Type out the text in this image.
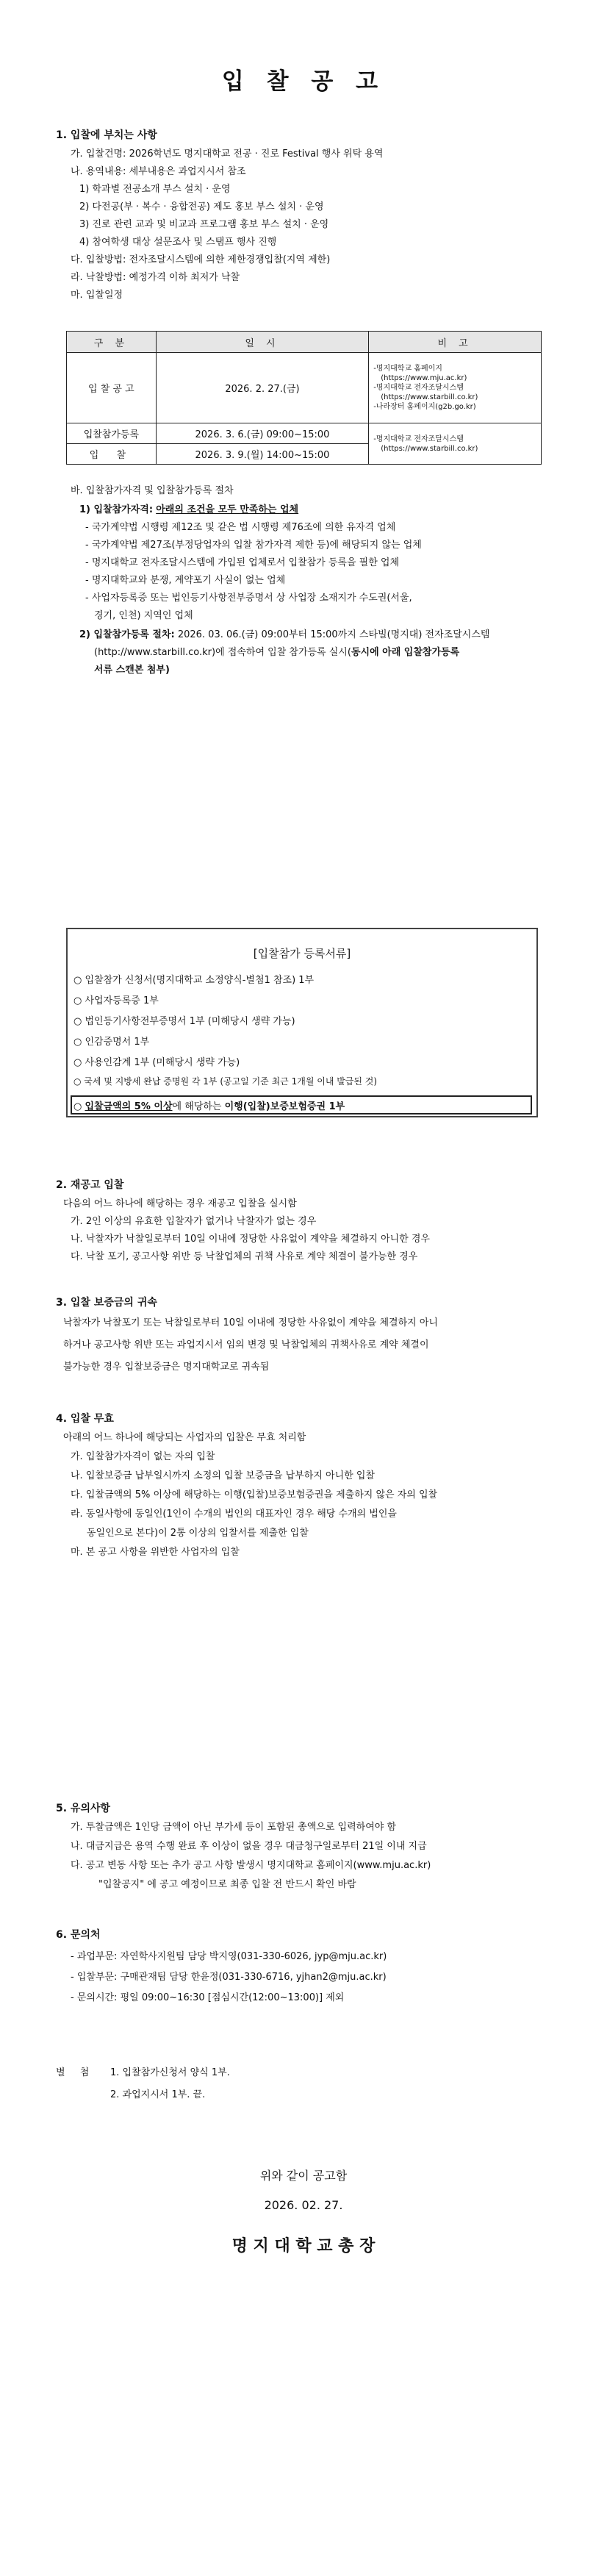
입 찰 공 고
1. 입찰에 부치는 사항
가. 입찰건명: 2026학년도 명지대학교 전공 · 진로 Festival 행사 위탁 용역
나. 용역내용: 세부내용은 과업지시서 참조
1) 학과별 전공소개 부스 설치 · 운영
2) 다전공(부 · 복수 · 융합전공) 제도 홍보 부스 설치 · 운영
3) 진로 관련 교과 및 비교과 프로그램 홍보 부스 설치 · 운영
4) 참여학생 대상 설문조사 및 스탬프 행사 진행
다. 입찰방법: 전자조달시스템에 의한 제한경쟁입찰(지역 제한)
라. 낙찰방법: 예정가격 이하 최저가 낙찰
마. 입찰일정
구 분	일 시	비 고
입 찰 공 고	2026. 2. 27.(금)	-명지대학교 홈페이지
(https://www.mju.ac.kr)
-명지대학교 전자조달시스템
(https://www.starbill.co.kr)
-나라장터 홈페이지(g2b.go.kr)

입찰참가등록	2026. 3. 6.(금) 09:00~15:00	-명지대학교 전자조달시스템
(https://www.starbill.co.kr)

입 찰	2026. 3. 9.(월) 14:00~15:00	
바. 입찰참가자격 및 입찰참가등록 절차
1) 입찰참가자격: 아래의 조건을 모두 만족하는 업체
- 국가계약법 시행령 제12조 및 같은 법 시행령 제76조에 의한 유자격 업체
- 국가계약법 제27조(부정당업자의 입찰 참가자격 제한 등)에 해당되지 않는 업체
- 명지대학교 전자조달시스템에 가입된 업체로서 입찰참가 등록을 필한 업체
- 명지대학교와 분쟁, 계약포기 사실이 없는 업체
- 사업자등록증 또는 법인등기사항전부증명서 상 사업장 소재지가 수도권(서울,
경기, 인천) 지역인 업체
2) 입찰참가등록 절차: 2026. 03. 06.(금) 09:00부터 15:00까지 스타빌(명지대) 전자조달시스템
(http://www.starbill.co.kr)에 접속하여 입찰 참가등록 실시(동시에 아래 입찰참가등록
서류 스캔본 첨부)
[입찰참가 등록서류]
○ 입찰참가 신청서(명지대학교 소정양식-별첨1 참조) 1부
○ 사업자등록증 1부
○ 법인등기사항전부증명서 1부 (미해당시 생략 가능)
○ 인감증명서 1부
○ 사용인감계 1부 (미해당시 생략 가능)
○ 국세 및 지방세 완납 증명원 각 1부 (공고일 기준 최근 1개월 이내 발급된 것)
○ 입찰금액의 5% 이상에 해당하는 이행(입찰)보증보험증권 1부
2. 재공고 입찰
다음의 어느 하나에 해당하는 경우 재공고 입찰을 실시함
가. 2인 이상의 유효한 입찰자가 없거나 낙찰자가 없는 경우
나. 낙찰자가 낙찰일로부터 10일 이내에 정당한 사유없이 계약을 체결하지 아니한 경우
다. 낙찰 포기, 공고사항 위반 등 낙찰업체의 귀책 사유로 계약 체결이 불가능한 경우
3. 입찰 보증금의 귀속
낙찰자가 낙찰포기 또는 낙찰일로부터 10일 이내에 정당한 사유없이 계약을 체결하지 아니
하거나 공고사항 위반 또는 과업지시서 임의 변경 및 낙찰업체의 귀책사유로 계약 체결이
불가능한 경우 입찰보증금은 명지대학교로 귀속됨
4. 입찰 무효
아래의 어느 하나에 해당되는 사업자의 입찰은 무효 처리함
가. 입찰참가자격이 없는 자의 입찰
나. 입찰보증금 납부일시까지 소정의 입찰 보증금을 납부하지 아니한 입찰
다. 입찰금액의 5% 이상에 해당하는 이행(입찰)보증보험증권을 제출하지 않은 자의 입찰
라. 동일사항에 동일인(1인이 수개의 법인의 대표자인 경우 해당 수개의 법인을
동일인으로 본다)이 2통 이상의 입찰서를 제출한 입찰
마. 본 공고 사항을 위반한 사업자의 입찰
5. 유의사항
가. 투찰금액은 1인당 금액이 아닌 부가세 등이 포함된 총액으로 입력하여야 함
나. 대금지급은 용역 수행 완료 후 이상이 없을 경우 대금청구일로부터 21일 이내 지급
다. 공고 변동 사항 또는 추가 공고 사항 발생시 명지대학교 홈페이지(www.mju.ac.kr)
"입찰공지" 에 공고 예정이므로 최종 입찰 전 반드시 확인 바람
6. 문의처
- 과업부문: 자연학사지원팀 담당 박지영(031-330-6026, jyp@mju.ac.kr)
- 입찰부문: 구매관재팀 담당 한윤정(031-330-6716, yjhan2@mju.ac.kr)
- 문의시간: 평일 09:00~16:30 [점심시간(12:00~13:00)] 제외
별 첨 1. 입찰참가신청서 양식 1부.
2. 과업지시서 1부. 끝.
위와 같이 공고함
2026. 02. 27.
명 지 대 학 교 총 장
